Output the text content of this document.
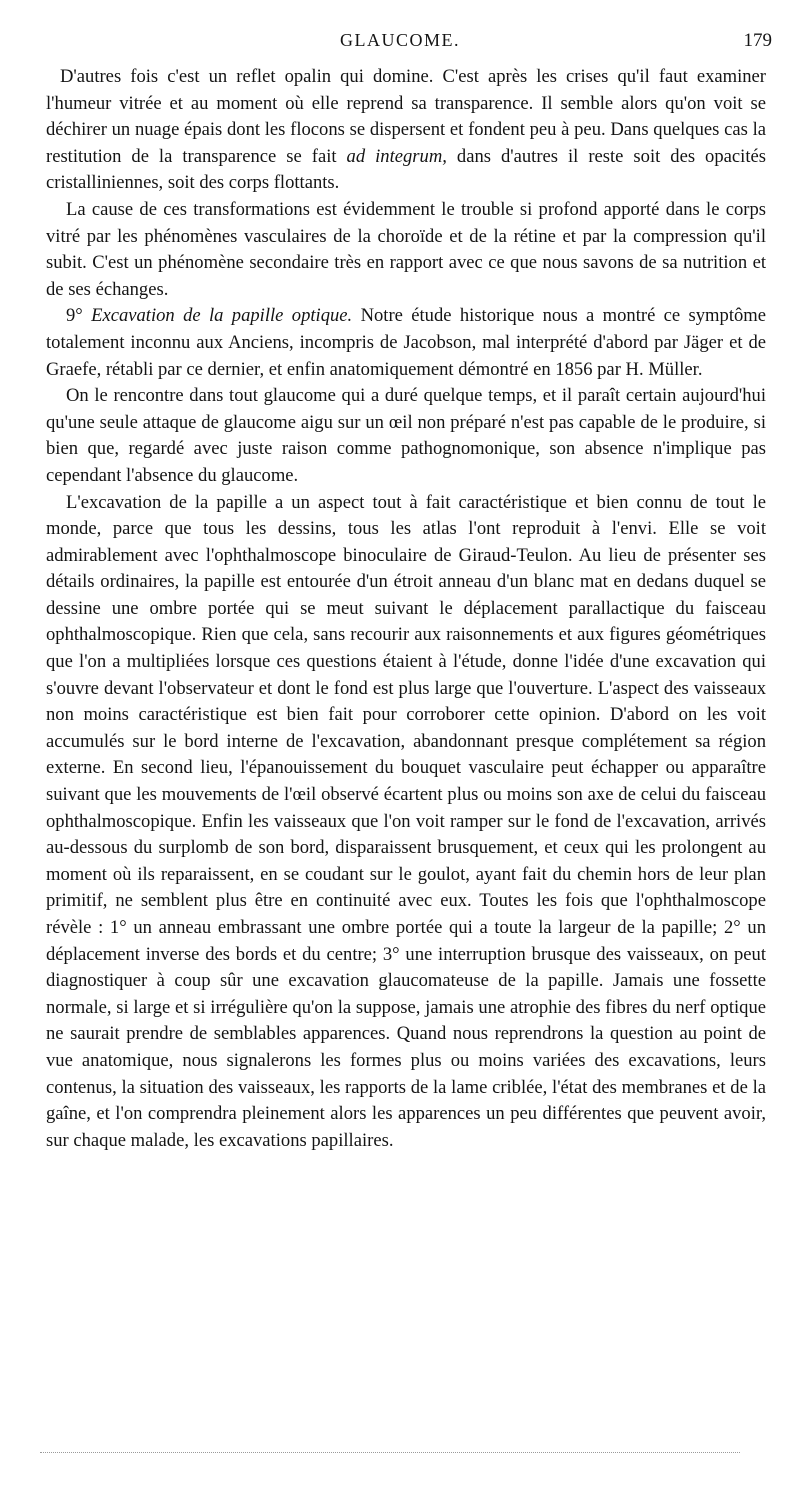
GLAUCOME.	179

D'autres fois c'est un reflet opalin qui domine. C'est après les crises qu'il faut examiner l'humeur vitrée et au moment où elle reprend sa transparence. Il semble alors qu'on voit se déchirer un nuage épais dont les flocons se dispersent et fondent peu à peu. Dans quelques cas la restitution de la transparence se fait ad integrum, dans d'autres il reste soit des opacités cristalliniennes, soit des corps flottants.

La cause de ces transformations est évidemment le trouble si profond apporté dans le corps vitré par les phénomènes vasculaires de la choroïde et de la rétine et par la compression qu'il subit. C'est un phénomène secondaire très en rapport avec ce que nous savons de sa nutrition et de ses échanges.

9° Excavation de la papille optique. Notre étude historique nous a montré ce symptôme totalement inconnu aux Anciens, incompris de Jacobson, mal interprété d'abord par Jäger et de Graefe, rétabli par ce dernier, et enfin anatomiquement démontré en 1856 par H. Müller.

On le rencontre dans tout glaucome qui a duré quelque temps, et il paraît certain aujourd'hui qu'une seule attaque de glaucome aigu sur un œil non préparé n'est pas capable de le produire, si bien que, regardé avec juste raison comme pathognomonique, son absence n'implique pas cependant l'absence du glaucome.

L'excavation de la papille a un aspect tout à fait caractéristique et bien connu de tout le monde, parce que tous les dessins, tous les atlas l'ont reproduit à l'envi. Elle se voit admirablement avec l'ophthalmoscope binoculaire de Giraud-Teulon. Au lieu de présenter ses détails ordinaires, la papille est entourée d'un étroit anneau d'un blanc mat en dedans duquel se dessine une ombre portée qui se meut suivant le déplacement parallactique du faisceau ophthalmoscopique. Rien que cela, sans recourir aux raisonnements et aux figures géométriques que l'on a multipliées lorsque ces questions étaient à l'étude, donne l'idée d'une excavation qui s'ouvre devant l'observateur et dont le fond est plus large que l'ouverture. L'aspect des vaisseaux non moins caractéristique est bien fait pour corroborer cette opinion. D'abord on les voit accumulés sur le bord interne de l'excavation, abandonnant presque complétement sa région externe. En second lieu, l'épanouissement du bouquet vasculaire peut échapper ou apparaître suivant que les mouvements de l'œil observé écartent plus ou moins son axe de celui du faisceau ophthalmoscopique. Enfin les vaisseaux que l'on voit ramper sur le fond de l'excavation, arrivés au-dessous du surplomb de son bord, disparaissent brusquement, et ceux qui les prolongent au moment où ils reparaissent, en se coudant sur le goulot, ayant fait du chemin hors de leur plan primitif, ne semblent plus être en continuité avec eux. Toutes les fois que l'ophthalmoscope révèle : 1° un anneau embrassant une ombre portée qui a toute la largeur de la papille; 2° un déplacement inverse des bords et du centre; 3° une interruption brusque des vaisseaux, on peut diagnostiquer à coup sûr une excavation glaucomateuse de la papille. Jamais une fossette normale, si large et si irrégulière qu'on la suppose, jamais une atrophie des fibres du nerf optique ne saurait prendre de semblables apparences. Quand nous reprendrons la question au point de vue anatomique, nous signalerons les formes plus ou moins variées des excavations, leurs contenus, la situation des vaisseaux, les rapports de la lame criblée, l'état des membranes et de la gaîne, et l'on comprendra pleinement alors les apparences un peu différentes que peuvent avoir, sur chaque malade, les excavations papillaires.
